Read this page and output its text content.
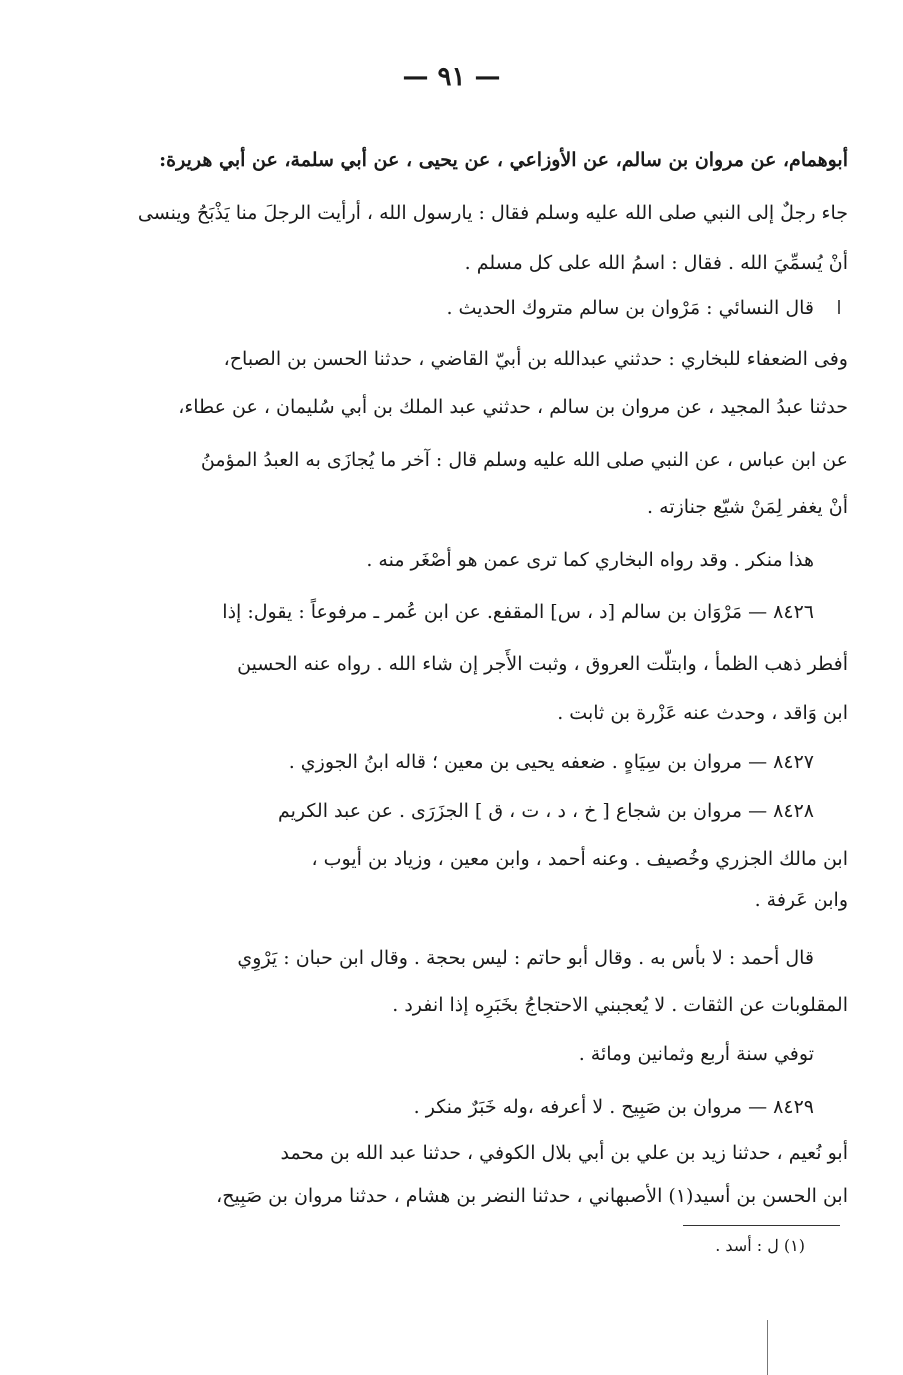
— ٩١ —
أبوهمام، عن مروان بن سالم، عن الأوزاعي ، عن يحيى ، عن أبي سلمة، عن أبي هريرة:
جاء رجلٌ إلى النبي صلى الله عليه وسلم فقال : يارسول الله ، أرأيت الرجلَ منا يَذْبَحُ وينسى
أنْ يُسمِّيَ الله . فقال : اسمُ الله على كل مسلم .
قال النسائي : مَرْوان بن سالم متروك الحديث .
وفى الضعفاء للبخاري : حدثني عبدالله بن أبيّ القاضي ، حدثنا الحسن بن الصباح،
حدثنا عبدُ المجيد ، عن مروان بن سالم ، حدثني عبد الملك بن أبي سُليمان ، عن عطاء،
عن ابن عباس ، عن النبي صلى الله عليه وسلم قال : آخر ما يُجازَى به العبدُ المؤمنُ
أنْ يغفر لِمَنْ شيّع جنازته .
هذا منكر . وقد رواه البخاري كما ترى عمن هو أصْغَر منه .
٨٤٢٦ — مَرْوَان بن سالم [د ، س] المقفع. عن ابن عُمر ـ مرفوعاً : يقول: إذا
أفطر ذهب الظمأ ، وابتلّت العروق ، وثبت الأَجر إن شاء الله . رواه عنه الحسين
ابن وَاقد ، وحدث عنه عَزْرة بن ثابت .
٨٤٢٧ — مروان بن سِيَاهٍ . ضعفه يحيى بن معين ؛ قاله ابنُ الجوزي .
٨٤٢٨ — مروان بن شجاع [ خ ، د ، ت ، ق ] الجزَرَى . عن عبد الكريم
ابن مالك الجزري وخُصيف . وعنه أحمد ، وابن معين ، وزياد بن أيوب ،
وابن عَرفة .
قال أحمد : لا بأس به . وقال أبو حاتم : ليس بحجة . وقال ابن حبان : يَرْوِي
المقلوبات عن الثقات . لا يُعجبني الاحتجاجُ بخَبَرِه إذا انفرد .
توفي سنة أربع وثمانين ومائة .
٨٤٢٩ — مروان بن صَبِيح . لا أعرفه ،وله خَبَرٌ منكر .
أبو نُعيم ، حدثنا زيد بن علي بن أبي بلال الكوفي ، حدثنا عبد الله بن محمد
ابن الحسن بن أسيد(١) الأصبهاني ، حدثنا النضر بن هشام ، حدثنا مروان بن صَبِيح،
(١) ل : أسد .
